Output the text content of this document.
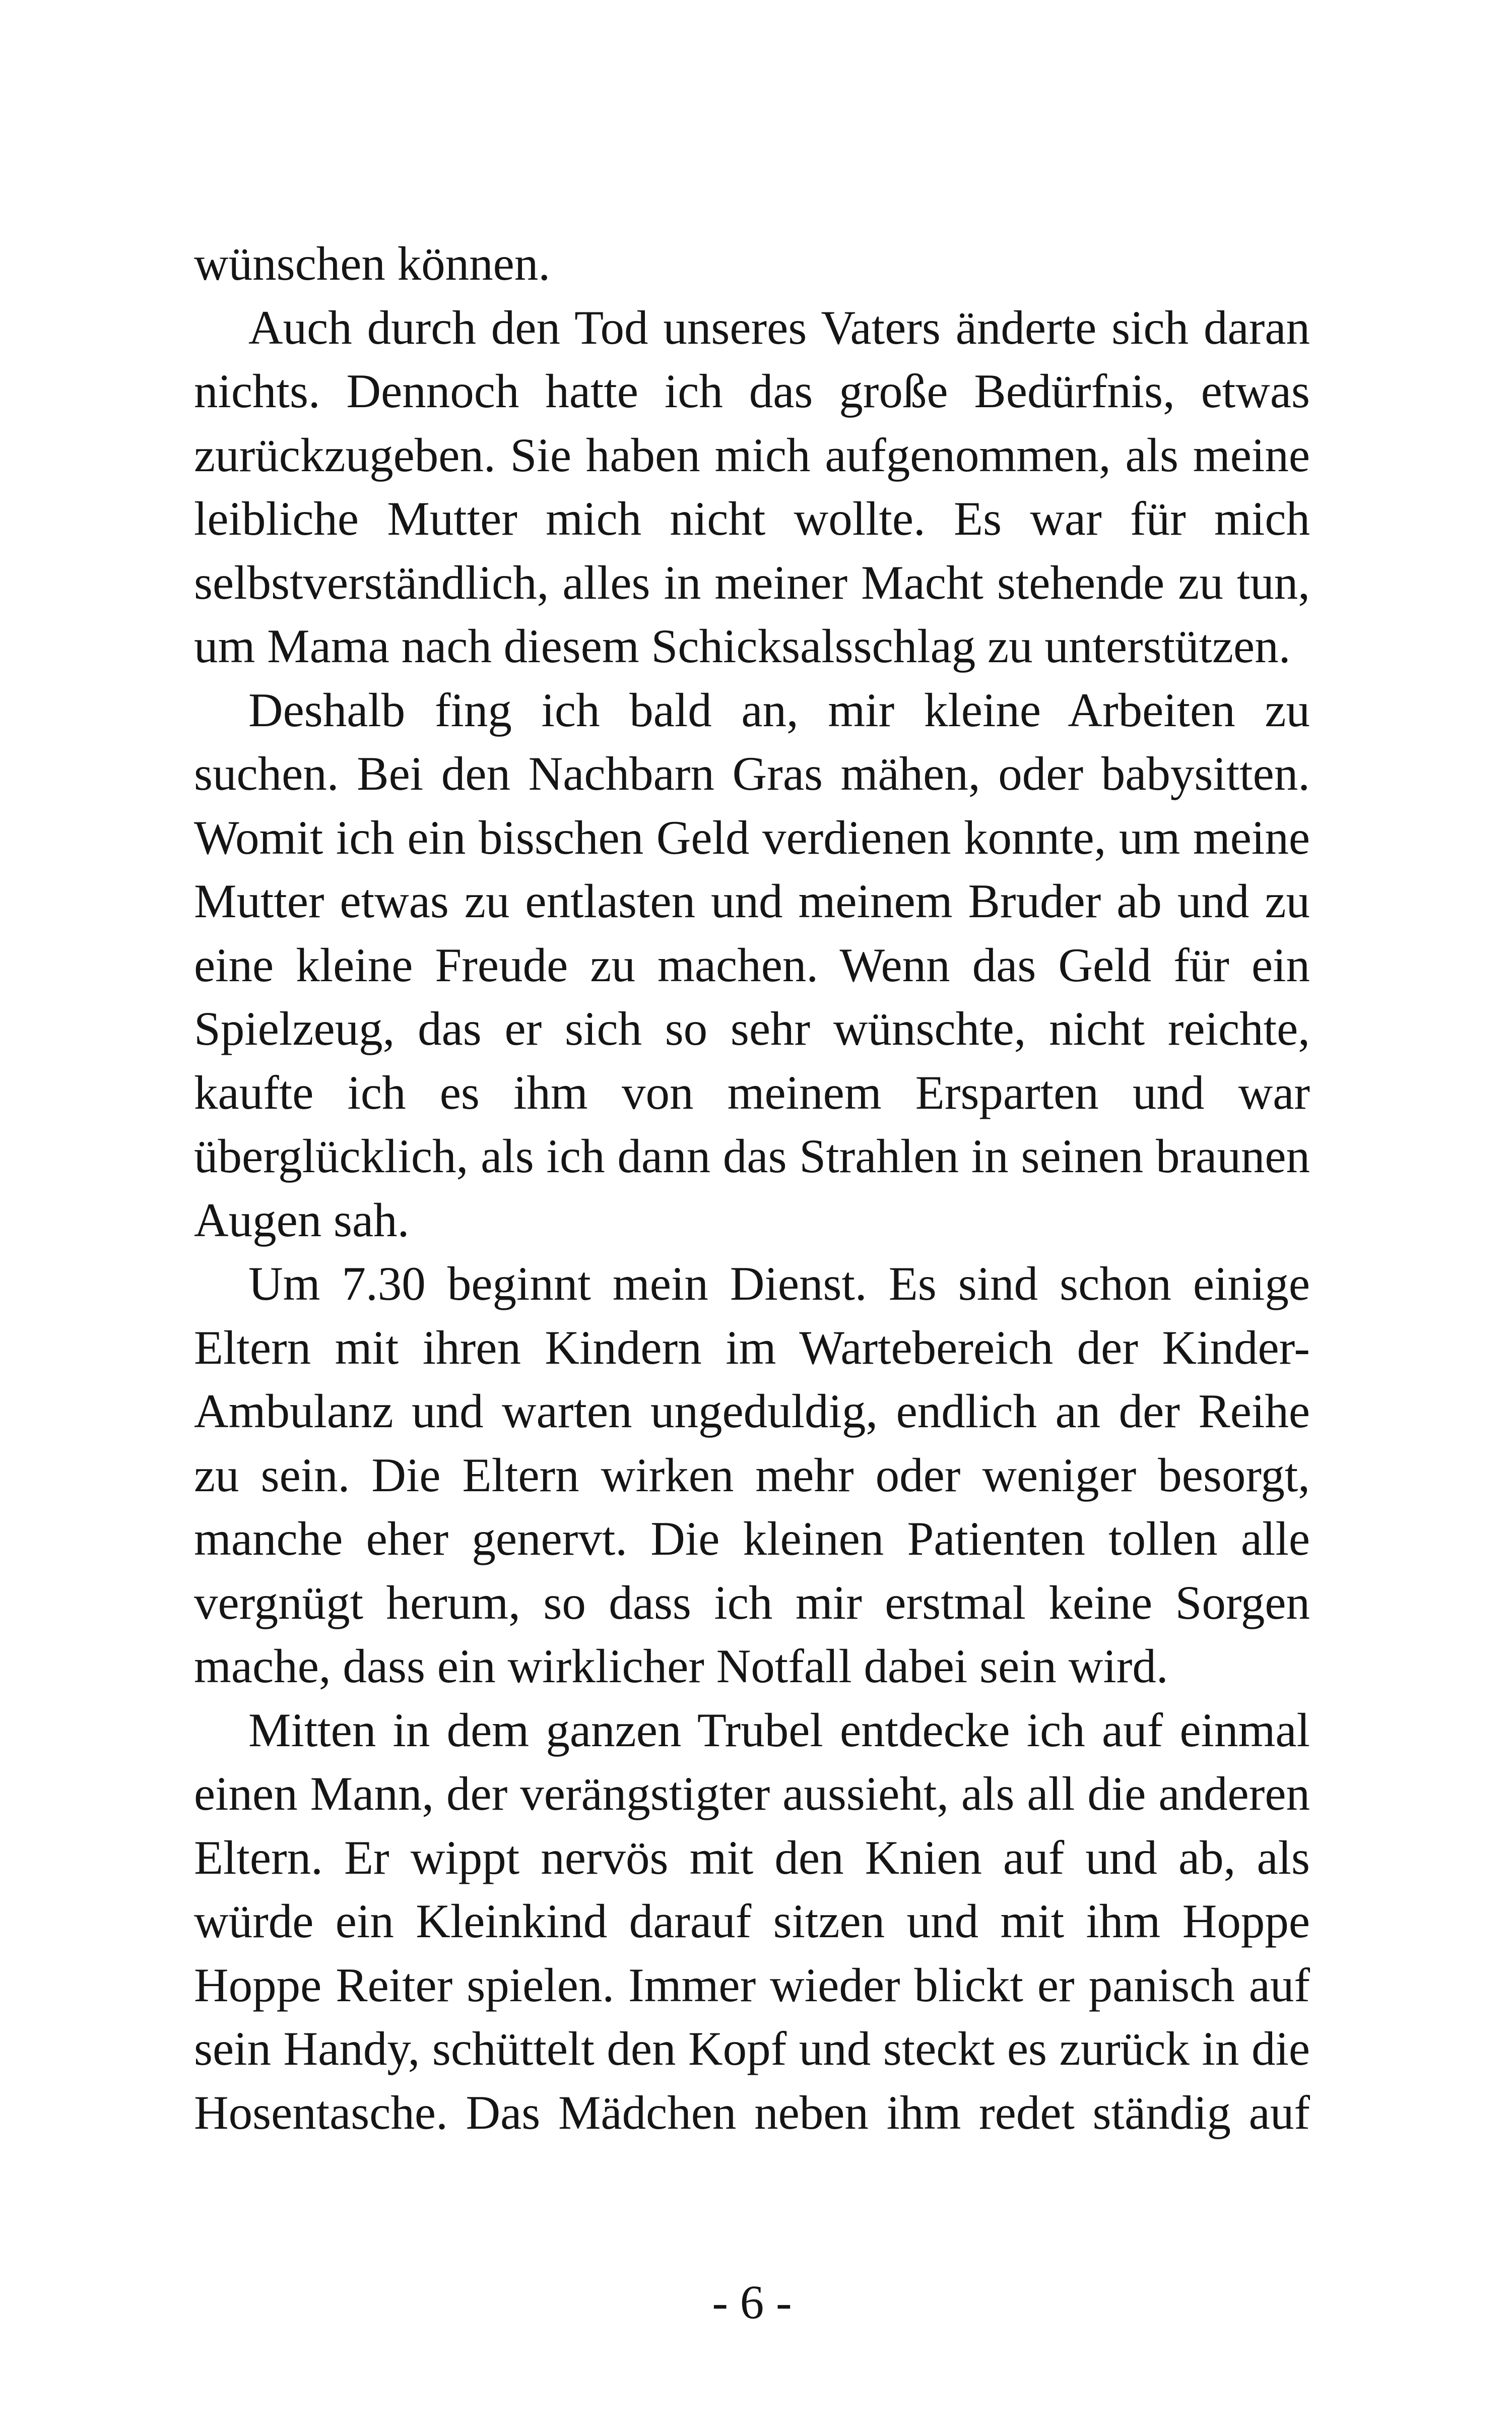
wünschen können.

Auch durch den Tod unseres Vaters änderte sich daran nichts. Dennoch hatte ich das große Bedürfnis, etwas zurückzugeben. Sie haben mich aufgenommen, als meine leibliche Mutter mich nicht wollte. Es war für mich selbstverständlich, alles in meiner Macht stehende zu tun, um Mama nach diesem Schicksalsschlag zu unterstützen.

Deshalb fing ich bald an, mir kleine Arbeiten zu suchen. Bei den Nachbarn Gras mähen, oder babysitten. Womit ich ein bisschen Geld verdienen konnte, um meine Mutter etwas zu entlasten und meinem Bruder ab und zu eine kleine Freude zu machen. Wenn das Geld für ein Spielzeug, das er sich so sehr wünschte, nicht reichte, kaufte ich es ihm von meinem Ersparten und war überglücklich, als ich dann das Strahlen in seinen braunen Augen sah.

Um 7.30 beginnt mein Dienst. Es sind schon einige Eltern mit ihren Kindern im Wartebereich der Kinder-Ambulanz und warten ungeduldig, endlich an der Reihe zu sein. Die Eltern wirken mehr oder weniger besorgt, manche eher genervt. Die kleinen Patienten tollen alle vergnügt herum, so dass ich mir erstmal keine Sorgen mache, dass ein wirklicher Notfall dabei sein wird.

Mitten in dem ganzen Trubel entdecke ich auf einmal einen Mann, der verängstigter aussieht, als all die anderen Eltern. Er wippt nervös mit den Knien auf und ab, als würde ein Kleinkind darauf sitzen und mit ihm Hoppe Hoppe Reiter spielen. Immer wieder blickt er panisch auf sein Handy, schüttelt den Kopf und steckt es zurück in die Hosentasche. Das Mädchen neben ihm redet ständig auf

- 6 -
